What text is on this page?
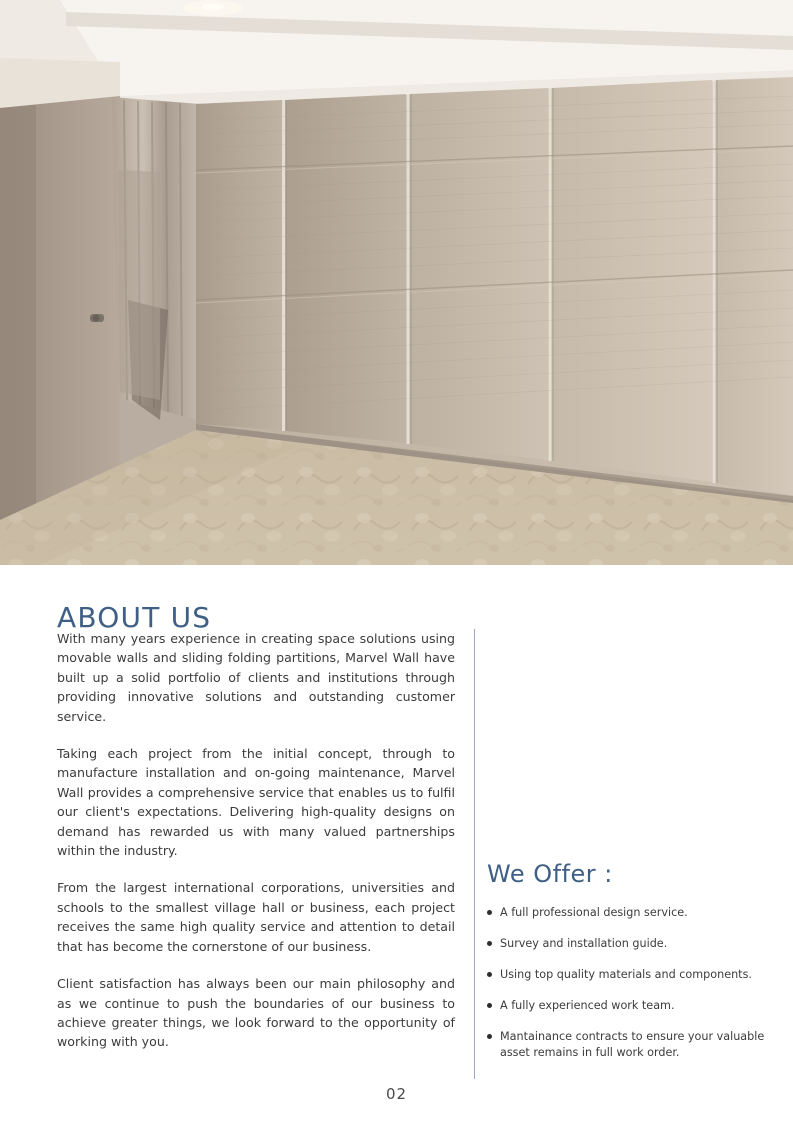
ABOUT US

With many years experience in creating space solutions using movable walls and sliding folding partitions, Marvel Wall have built up a solid portfolio of clients and institutions through providing innovative solutions and outstanding customer service.

Taking each project from the initial concept, through to manufacture installation and on-going maintenance, Marvel Wall provides a comprehensive service that enables us to fulfil our client's expectations. Delivering high-quality designs on demand has rewarded us with many valued partnerships within the industry.

From the largest international corporations, universities and schools to the smallest village hall or business, each project receives the same high quality service and attention to detail that has become the cornerstone of our business.

Client satisfaction has always been our main philosophy and as we continue to push the boundaries of our business to achieve greater things, we look forward to the opportunity of working with you.

We Offer :
A full professional design service.
Survey and installation guide.
Using top quality materials and components.
A fully experienced work team.
Mantainance contracts to ensure your valuable asset remains in full work order.
02
